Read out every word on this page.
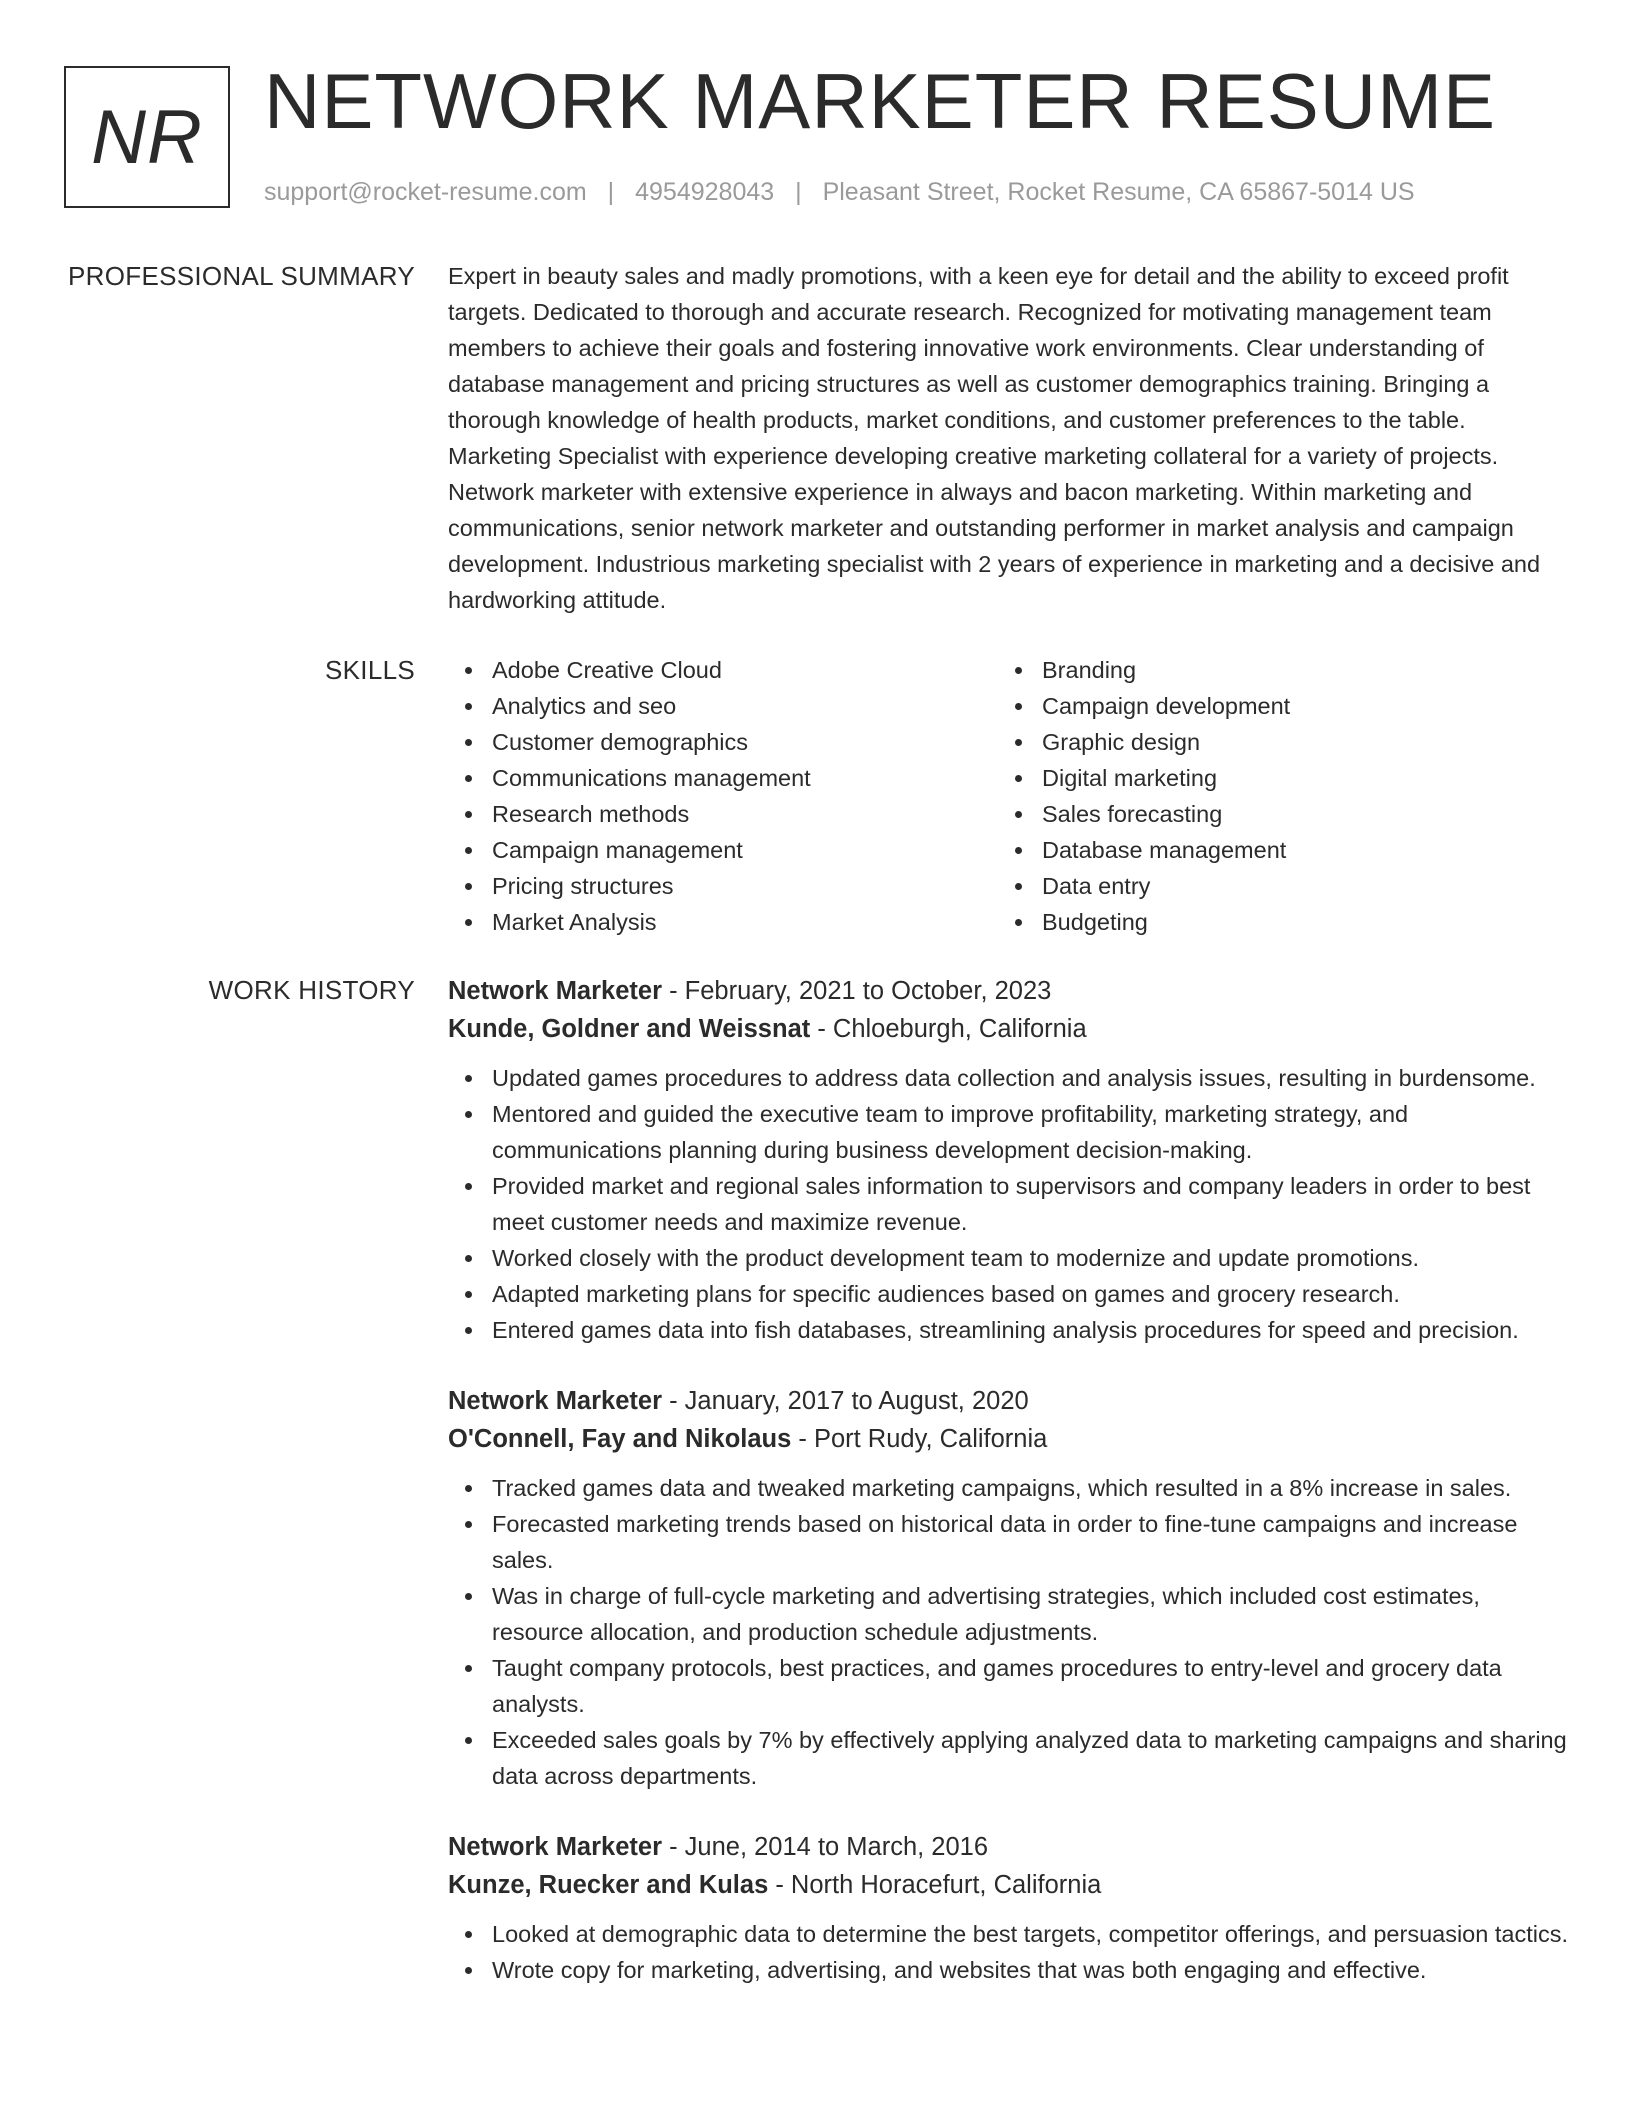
NR NETWORK MARKETER RESUME
support@rocket-resume.com | 4954928043 | Pleasant Street, Rocket Resume, CA 65867-5014 US
PROFESSIONAL SUMMARY Expert in beauty sales and madly promotions, with a keen eye for detail and the ability to exceed profit targets. Dedicated to thorough and accurate research. Recognized for motivating management team members to achieve their goals and fostering innovative work environments. Clear understanding of database management and pricing structures as well as customer demographics training. Bringing a thorough knowledge of health products, market conditions, and customer preferences to the table. Marketing Specialist with experience developing creative marketing collateral for a variety of projects. Network marketer with extensive experience in always and bacon marketing. Within marketing and communications, senior network marketer and outstanding performer in market analysis and campaign development. Industrious marketing specialist with 2 years of experience in marketing and a decisive and hardworking attitude.

SKILLS	Adobe Creative Cloud
Analytics and seo
Customer demographics
Communications management
Research methods
Campaign management
Pricing structures
Market Analysis
Branding
Campaign development
Graphic design
Digital marketing
Sales forecasting
Database management
Data entry
Budgeting
WORK HISTORY Network Marketer - February, 2021 to October, 2023
Kunde, Goldner and Weissnat - Chloeburgh, California
Updated games procedures to address data collection and analysis issues, resulting in burdensome.
Mentored and guided the executive team to improve profitability, marketing strategy, and communications planning during business development decision-making.
Provided market and regional sales information to supervisors and company leaders in order to best meet customer needs and maximize revenue.
Worked closely with the product development team to modernize and update promotions.
Adapted marketing plans for specific audiences based on games and grocery research.
Entered games data into fish databases, streamlining analysis procedures for speed and precision.
Network Marketer - January, 2017 to August, 2020
O'Connell, Fay and Nikolaus - Port Rudy, California
Tracked games data and tweaked marketing campaigns, which resulted in a 8% increase in sales.
Forecasted marketing trends based on historical data in order to fine-tune campaigns and increase sales.
Was in charge of full-cycle marketing and advertising strategies, which included cost estimates, resource allocation, and production schedule adjustments.
Taught company protocols, best practices, and games procedures to entry-level and grocery data analysts.
Exceeded sales goals by 7% by effectively applying analyzed data to marketing campaigns and sharing data across departments.
Network Marketer - June, 2014 to March, 2016
Kunze, Ruecker and Kulas - North Horacefurt, California
Looked at demographic data to determine the best targets, competitor offerings, and persuasion tactics.
Wrote copy for marketing, advertising, and websites that was both engaging and effective.
